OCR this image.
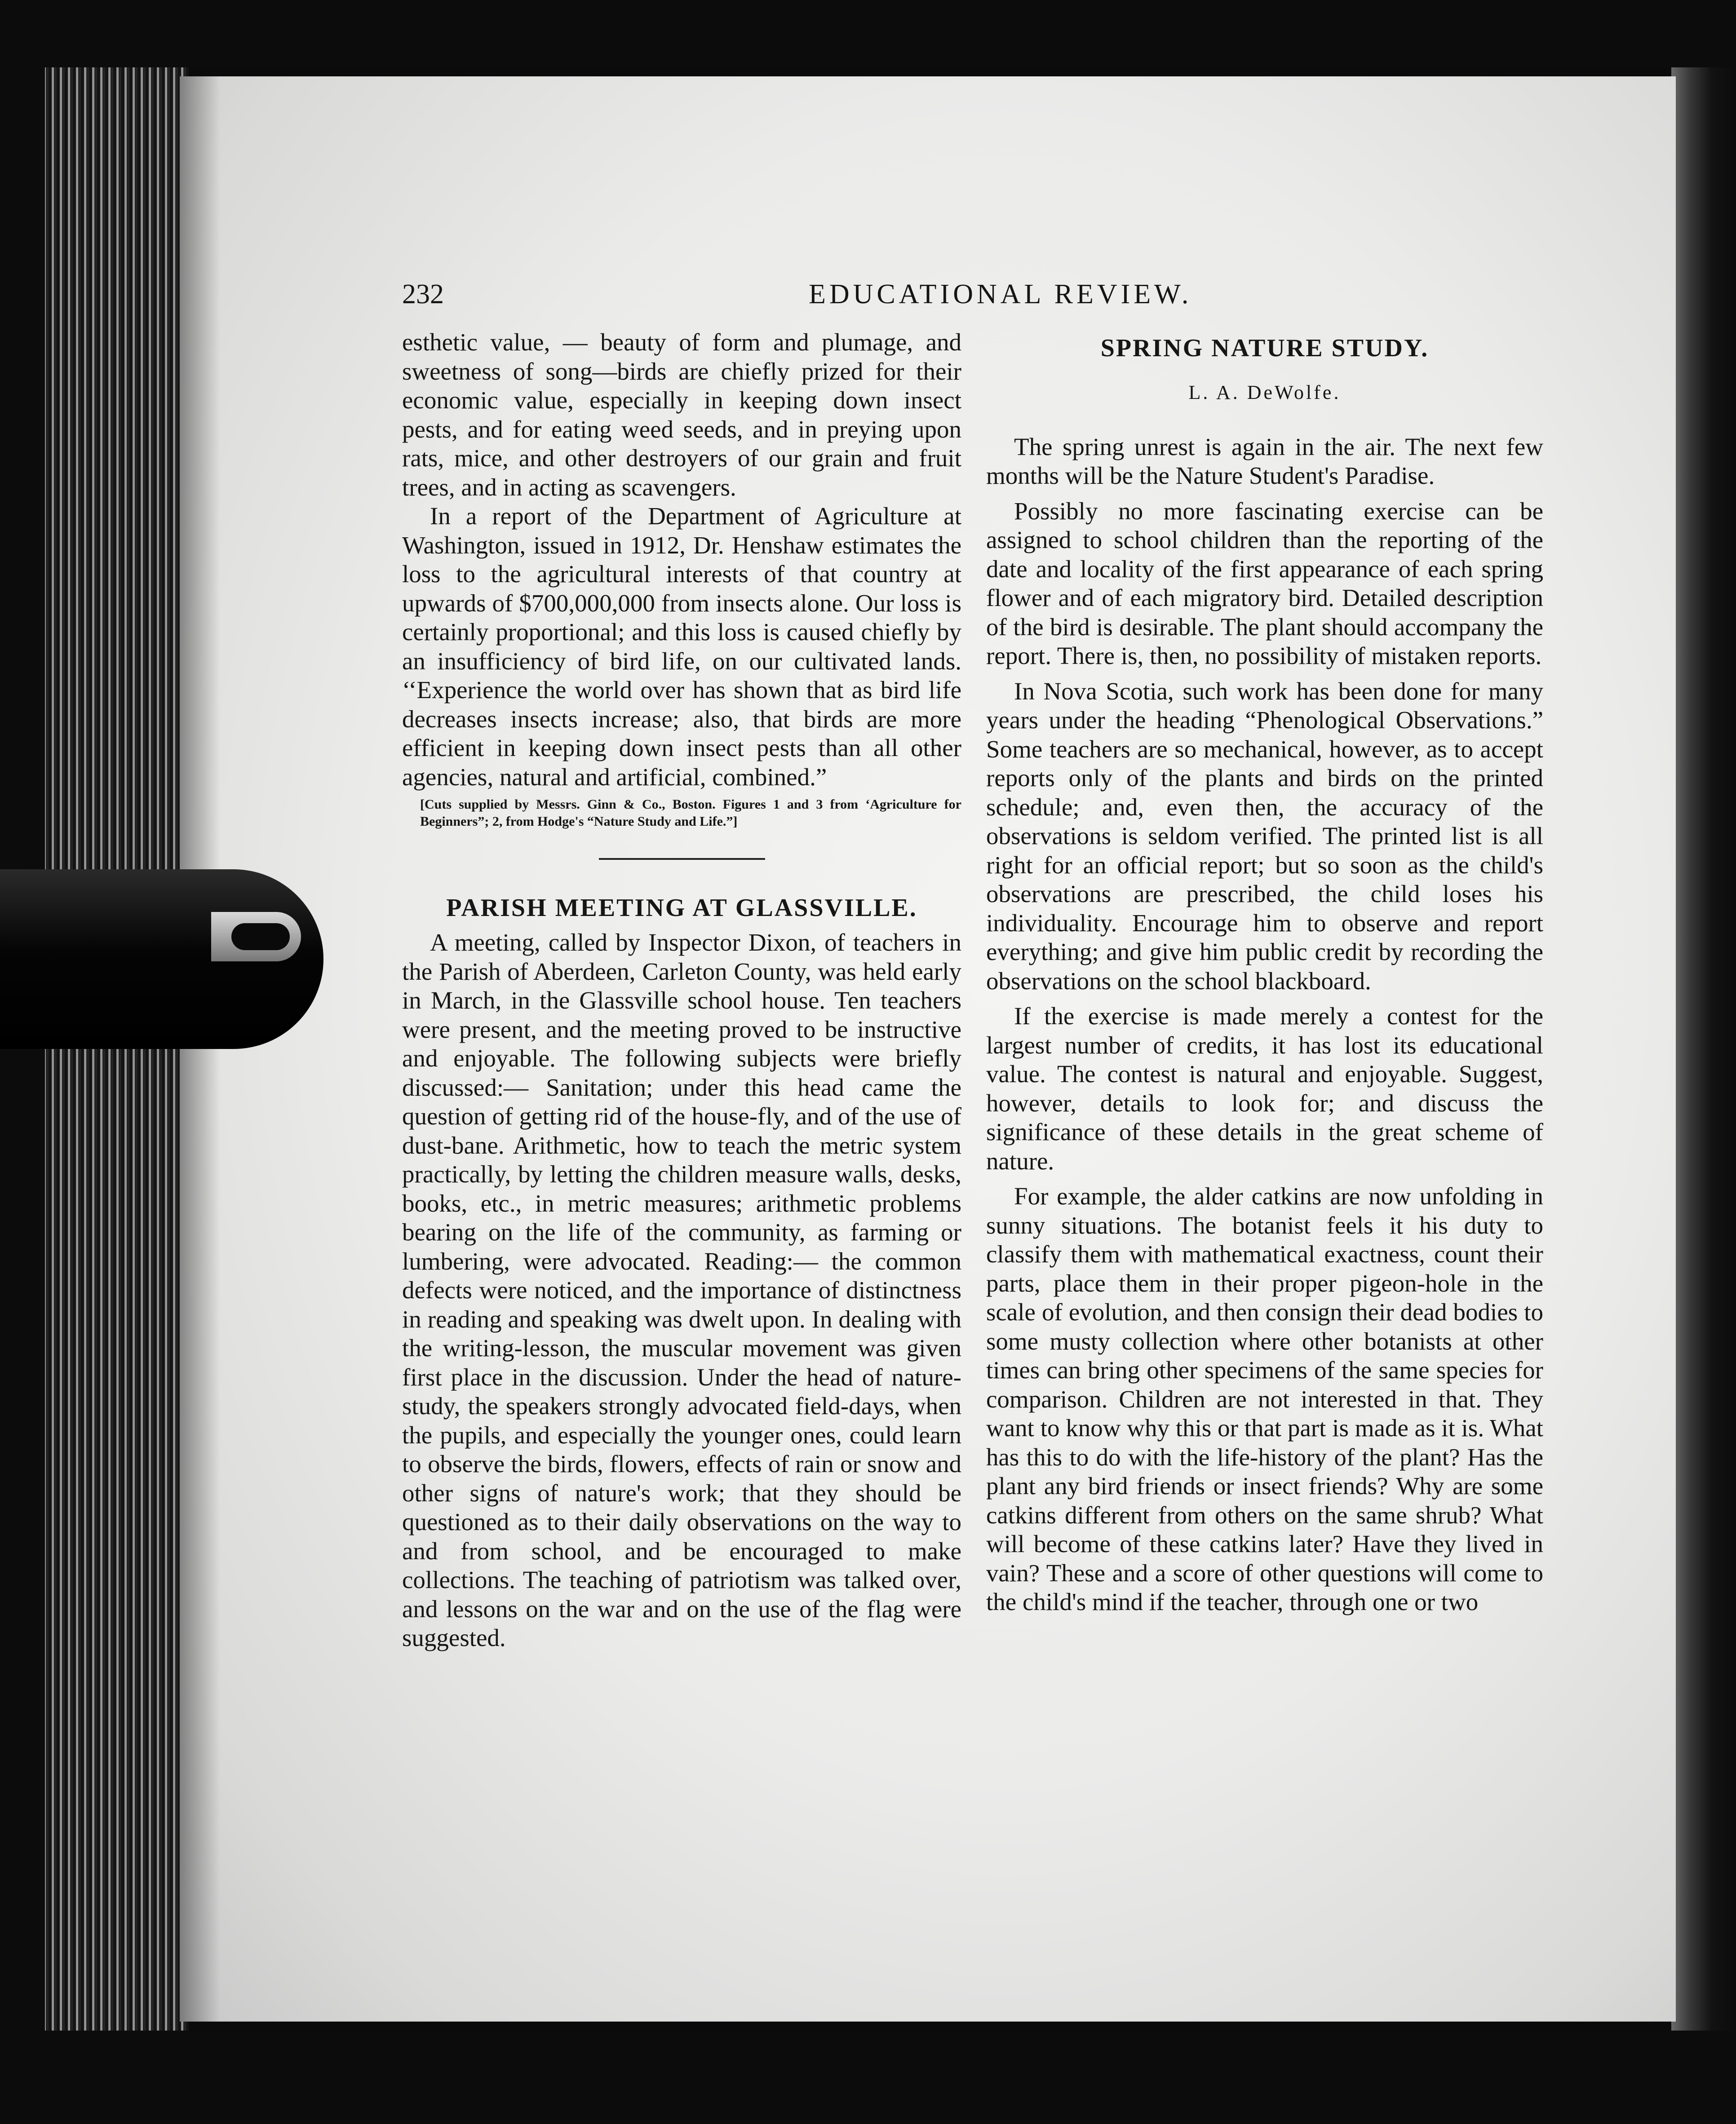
232	EDUCATIONAL REVIEW.

esthetic value, — beauty of form and plumage, and sweetness of song—birds are chiefly prized for their economic value, especially in keeping down insect pests, and for eating weed seeds, and in preying upon rats, mice, and other destroyers of our grain and fruit trees, and in acting as scavengers.

In a report of the Department of Agriculture at Washington, issued in 1912, Dr. Henshaw estimates the loss to the agricultural interests of that country at upwards of $700,000,000 from insects alone. Our loss is certainly proportional; and this loss is caused chiefly by an insufficiency of bird life, on our cultivated lands. ‘‘Experience the world over has shown that as bird life decreases insects increase; also, that birds are more efficient in keeping down insect pests than all other agencies, natural and artificial, combined.”

[Cuts supplied by Messrs. Ginn & Co., Boston. Figures 1 and 3 from ‘Agriculture for Beginners”; 2, from Hodge's “Nature Study and Life.”]
PARISH MEETING AT GLASSVILLE.

A meeting, called by Inspector Dixon, of teachers in the Parish of Aberdeen, Carleton County, was held early in March, in the Glassville school house. Ten teachers were present, and the meeting proved to be instructive and enjoyable. The following subjects were briefly discussed:— Sanitation; under this head came the question of getting rid of the house-fly, and of the use of dust-bane. Arithmetic, how to teach the metric system practically, by letting the children measure walls, desks, books, etc., in metric measures; arithmetic problems bearing on the life of the community, as farming or lumbering, were advocated. Reading:— the common defects were noticed, and the importance of distinctness in reading and speaking was dwelt upon. In dealing with the writing-lesson, the muscular movement was given first place in the discussion. Under the head of nature-study, the speakers strongly advocated field-days, when the pupils, and especially the younger ones, could learn to observe the birds, flowers, effects of rain or snow and other signs of nature's work; that they should be questioned as to their daily observations on the way to and from school, and be encouraged to make collections. The teaching of patriotism was talked over, and lessons on the war and on the use of the flag were suggested.

SPRING NATURE STUDY.
L. A. DeWolfe.

The spring unrest is again in the air. The next few months will be the Nature Student's Paradise.

Possibly no more fascinating exercise can be assigned to school children than the reporting of the date and locality of the first appearance of each spring flower and of each migratory bird. Detailed description of the bird is desirable. The plant should accompany the report. There is, then, no possibility of mistaken reports.

In Nova Scotia, such work has been done for many years under the heading “Phenological Observations.” Some teachers are so mechanical, however, as to accept reports only of the plants and birds on the printed schedule; and, even then, the accuracy of the observations is seldom verified. The printed list is all right for an official report; but so soon as the child's observations are prescribed, the child loses his individuality. Encourage him to observe and report everything; and give him public credit by recording the observations on the school blackboard.

If the exercise is made merely a contest for the largest number of credits, it has lost its educational value. The contest is natural and enjoyable. Suggest, however, details to look for; and discuss the significance of these details in the great scheme of nature.

For example, the alder catkins are now unfolding in sunny situations. The botanist feels it his duty to classify them with mathematical exactness, count their parts, place them in their proper pigeon-hole in the scale of evolution, and then consign their dead bodies to some musty collection where other botanists at other times can bring other specimens of the same species for comparison. Children are not interested in that. They want to know why this or that part is made as it is. What has this to do with the life-history of the plant? Has the plant any bird friends or insect friends? Why are some catkins different from others on the same shrub? What will become of these catkins later? Have they lived in vain? These and a score of other questions will come to the child's mind if the teacher, through one or two
